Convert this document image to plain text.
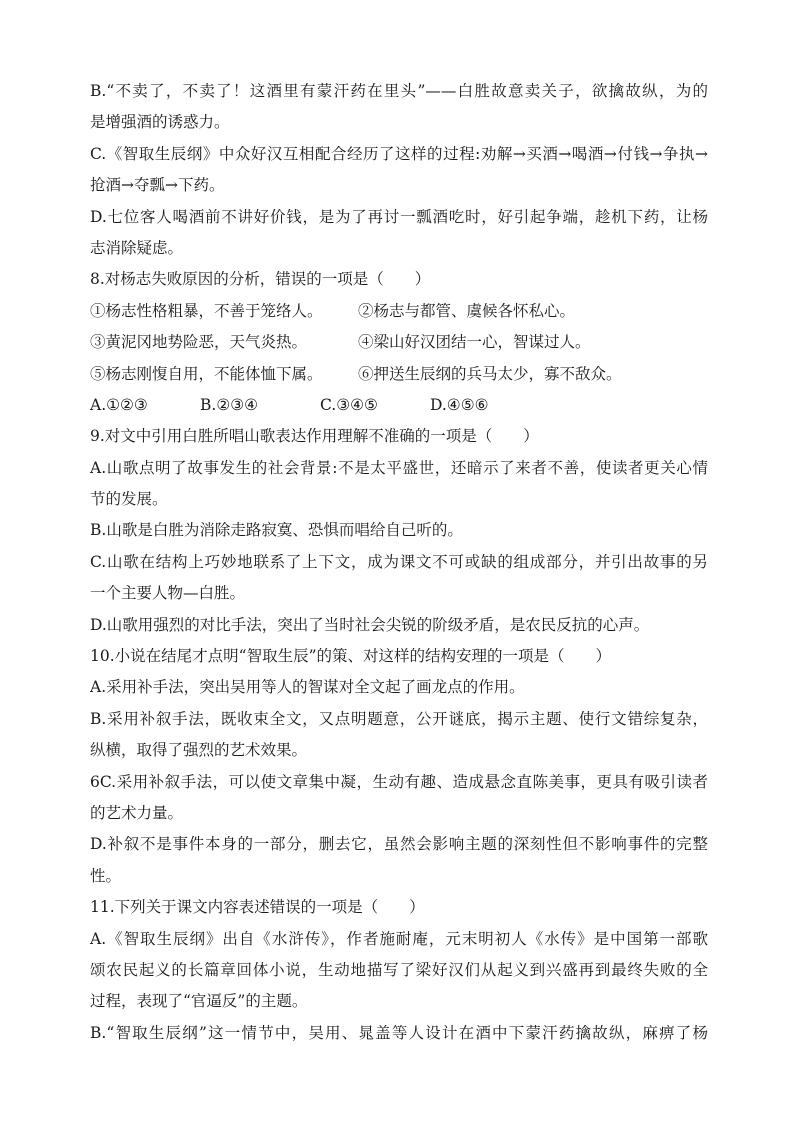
B.“不卖了，不卖了！这酒里有蒙汗药在里头”——白胜故意卖关子，欲擒故纵，为的
是增强酒的诱惑力。
C.《智取生辰纲》中众好汉互相配合经历了这样的过程:劝解→买酒→喝酒→付钱→争执→
抢酒→夺瓢→下药。
D.七位客人喝酒前不讲好价钱，是为了再讨一瓢酒吃时，好引起争端，趁机下药，让杨
志消除疑虑。
8.对杨志失败原因的分析，错误的一项是（　　）
①杨志性格粗暴，不善于笼络人。	②杨志与都管、虞候各怀私心。
③黄泥冈地势险恶，天气炎热。	④梁山好汉团结一心，智谋过人。
⑤杨志刚愎自用，不能体恤下属。	⑥押送生辰纲的兵马太少，寡不敌众。
A.①②③	B.②③④	C.③④⑤	D.④⑤⑥
9.对文中引用白胜所唱山歌表达作用理解不准确的一项是（　　）
A.山歌点明了故事发生的社会背景:不是太平盛世，还暗示了来者不善，使读者更关心情
节的发展。
B.山歌是白胜为消除走路寂寞、恐惧而唱给自己听的。
C.山歌在结构上巧妙地联系了上下文，成为课文不可或缺的组成部分，并引出故事的另
一个主要人物—白胜。
D.山歌用强烈的对比手法，突出了当时社会尖锐的阶级矛盾，是农民反抗的心声。
10.小说在结尾才点明“智取生辰”的策、对这样的结构安理的一项是（　　）
A.采用补手法，突出吴用等人的智谋对全文起了画龙点的作用。
B.采用补叙手法，既收束全文，又点明题意，公开谜底，揭示主题、使行文错综复杂，
纵横，取得了强烈的艺术效果。
6C.采用补叙手法，可以使文章集中凝，生动有趣、造成悬念直陈美事，更具有吸引读者
的艺术力量。
D.补叙不是事件本身的一部分，删去它，虽然会影响主题的深刻性但不影响事件的完整
性。
11.下列关于课文内容表述错误的一项是（　　）
A.《智取生辰纲》出自《水浒传》，作者施耐庵，元末明初人《水传》是中国第一部歌
颂农民起义的长篇章回体小说，生动地描写了梁好汉们从起义到兴盛再到最终失败的全
过程，表现了“官逼反”的主题。
B.“智取生辰纲”这一情节中，吴用、晁盖等人设计在酒中下蒙汗药擒故纵，麻痹了杨
